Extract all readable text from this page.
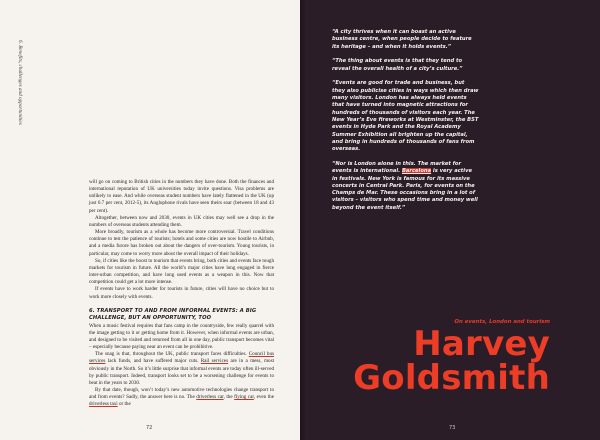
6. Benefits, challenges and opportunities

will go on coming to British cities in the numbers they have done. Both the finances and international reputation of UK universities today invite questions. Visa problems are unlikely to ease. And while overseas student numbers have lately flattened in the UK (up just 0.7 per cent, 2012-5), its Anglophone rivals have seen theirs soar (between 18 and 43 per cent).

Altogether, between now and 2030, events in UK cities may well see a drop in the numbers of overseas students attending them.

More broadly, tourism as a whole has become more controversial. Travel conditions continue to test the patience of tourists; hotels and some cities are now hostile to Airbnb, and a media furore has broken out about the dangers of over-tourism. Young tourists, in particular, may come to worry more about the overall impact of their holidays.

So, if cities like the boost to tourism that events bring, both cities and events face tough markets for tourism in future. All the world’s major cities have long engaged in fierce inter-urban competition, and have long used events as a weapon in this. Now that competition could get a lot more intense.

If events have to work harder for tourists in future, cities will have no choice but to work more closely with events.

6. TRANSPORT TO AND FROM INFORMAL EVENTS: A BIG CHALLENGE, BUT AN OPPORTUNITY, TOO

When a music festival requires that fans camp in the countryside, few really quarrel with the image getting to it or getting home from it. However, when informal events are urban, and designed to be visited and returned from all in one day, public transport becomes vital – especially because paying near an event can be prohibitive.

The snag is that, throughout the UK, public transport faces difficulties. Council bus services lack funds, and have suffered major cuts. Rail services are in a mess, most obviously in the North. So it’s little surprise that informal events are today often ill-served by public transport. Indeed, transport looks set to be a worsening challenge for events to beat in the years to 2030.

By that date, though, won’t today’s new automotive technologies change transport to and from events? Sadly, the answer here is no. The driverless car, the flying car, even the driverless taxi or the

72

“A city thrives when it can boast an active business centre, when people decide to feature its heritage – and when it holds events.”

“The thing about events is that they tend to reveal the overall health of a city’s culture.”

“Events are good for trade and business, but they also publicise cities in ways which then draw many visitors. London has always held events that have turned into magnetic attractions for hundreds of thousands of visitors each year. The New Year’s Eve fireworks at Westminster, the BST events in Hyde Park and the Royal Academy Summer Exhibition all brighten up the capital, and bring in hundreds of thousands of fans from overseas.

“Nor is London alone in this. The market for events is international. Barcelona is very active in festivals. New York is famous for its massive concerts in Central Park. Paris, for events on the Champs de Mar. These occasions bring in a lot of visitors – visitors who spend time and money well beyond the event itself.”

On events, London and tourism
Harvey
Goldsmith
73
